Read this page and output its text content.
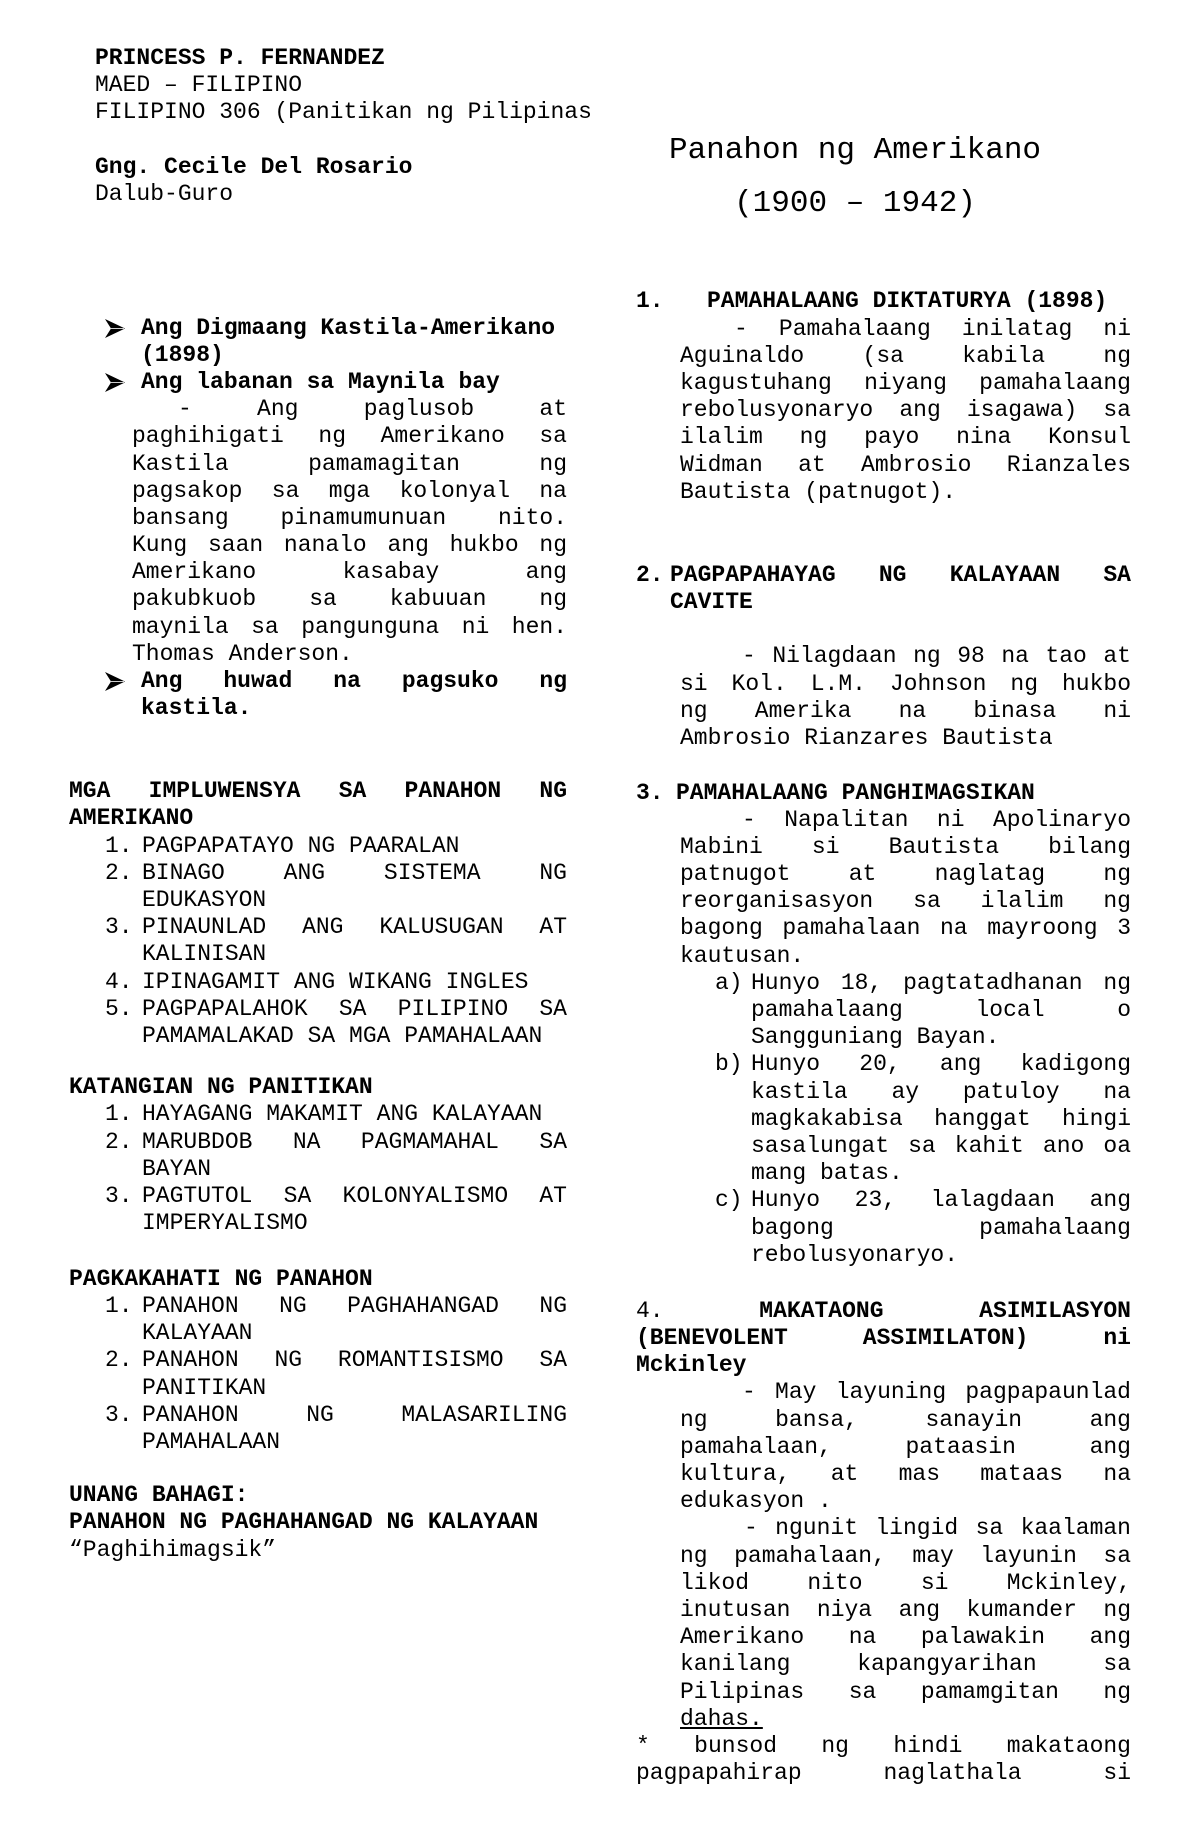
PRINCESS P. FERNANDEZ
MAED – FILIPINO
FILIPINO 306 (Panitikan ng Pilipinas
Gng. Cecile Del Rosario
Dalub-Guro
Panahon ng Amerikano
(1900 – 1942)
Ang Digmaang Kastila-Amerikano
(1898)
Ang labanan sa Maynila bay
- Ang paglusob at
paghihigati ng Amerikano sa
Kastila pamamagitan ng
pagsakop sa mga kolonyal na
bansang pinamumunuan nito.
Kung saan nanalo ang hukbo ng
Amerikano kasabay ang
pakubkuob sa kabuuan ng
maynila sa pangunguna ni hen.
Thomas Anderson.
Ang huwad na pagsuko ng
kastila.
MGA IMPLUWENSYA SA PANAHON NG
AMERIKANO
1. PAGPAPATAYO NG PAARALAN
2. BINAGO ANG SISTEMA NG
EDUKASYON
3. PINAUNLAD ANG KALUSUGAN AT
KALINISAN
4. IPINAGAMIT ANG WIKANG INGLES
5. PAGPAPALAHOK SA PILIPINO SA
PAMAMALAKAD SA MGA PAMAHALAAN
KATANGIAN NG PANITIKAN
1. HAYAGANG MAKAMIT ANG KALAYAAN
2. MARUBDOB NA PAGMAMAHAL SA
BAYAN
3. PAGTUTOL SA KOLONYALISMO AT
IMPERYALISMO
PAGKAKAHATI NG PANAHON
1. PANAHON NG PAGHAHANGAD NG
KALAYAAN
2. PANAHON NG ROMANTISISMO SA
PANITIKAN
3. PANAHON NG MALASARILING
PAMAHALAAN
UNANG BAHAGI:
PANAHON NG PAGHAHANGAD NG KALAYAAN
“Paghihimagsik”
1. PAMAHALAANG DIKTATURYA (1898)
- Pamahalaang inilatag ni
Aguinaldo (sa kabila ng
kagustuhang niyang pamahalaang
rebolusyonaryo ang isagawa) sa
ilalim ng payo nina Konsul
Widman at Ambrosio Rianzales
Bautista (patnugot).
2. PAGPAPAHAYAG NG KALAYAAN SA
CAVITE
- Nilagdaan ng 98 na tao at
si Kol. L.M. Johnson ng hukbo
ng Amerika na binasa ni
Ambrosio Rianzares Bautista
3. PAMAHALAANG PANGHIMAGSIKAN
- Napalitan ni Apolinaryo
Mabini si Bautista bilang
patnugot at naglatag ng
reorganisasyon sa ilalim ng
bagong pamahalaan na mayroong 3
kautusan.
a) Hunyo 18, pagtatadhanan ng
pamahalaang local o
Sangguniang Bayan.
b) Hunyo 20, ang kadigong
kastila ay patuloy na
magkakabisa hanggat hingi
sasalungat sa kahit ano oa
mang batas.
c) Hunyo 23, lalagdaan ang
bagong pamahalaang
rebolusyonaryo.
4.	MAKATAONG ASIMILASYON
(BENEVOLENT ASSIMILATON) ni
Mckinley
- May layuning pagpapaunlad
ng bansa, sanayin ang
pamahalaan, pataasin ang
kultura, at mas mataas na
edukasyon .
- ngunit lingid sa kaalaman
ng pamahalaan, may layunin sa
likod nito si Mckinley,
inutusan niya ang kumander ng
Amerikano na palawakin ang
kanilang kapangyarihan sa
Pilipinas sa pamamgitan ng
dahas.
* bunsod ng hindi makataong
pagpapahirap naglathala si
